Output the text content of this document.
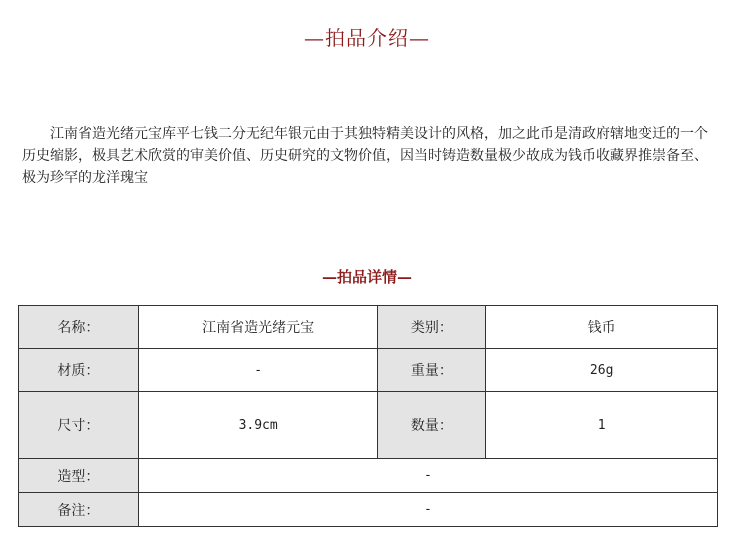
—拍品介绍—

江南省造光绪元宝库平七钱二分无纪年银元由于其独特精美设计的风格，加之此币是清政府辖地变迁的一个历史缩影，极具艺术欣赏的审美价值、历史研究的文物价值，因当时铸造数量极少故成为钱币收藏界推崇备至、极为珍罕的龙洋瑰宝

—拍品详情—
名称：	江南省造光绪元宝	类别：	钱币
材质：	-	重量：	26g
尺寸：	3.9cm	数量：	1
造型：	-		
备注：	-		
